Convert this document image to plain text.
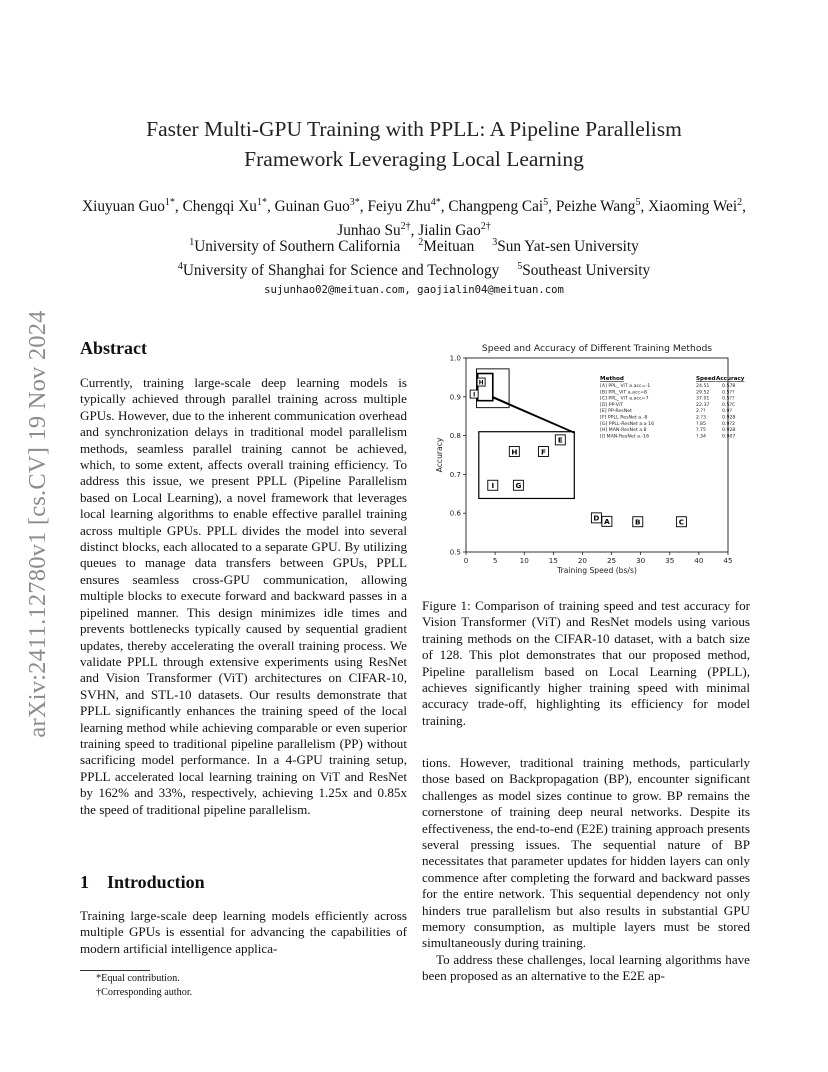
arXiv:2411.12780v1 [cs.CV] 19 Nov 2024
Faster Multi-GPU Training with PPLL: A Pipeline Parallelism
Framework Leveraging Local Learning
Xiuyuan Guo$^{1*}$, Chengqi $Xu^{1*}$, Guinan Guo$^{3*}$, Feiyu Zhu$^{4*}$, Changpeng Cai$^5$, Peizhe Wang$^5$, Xiaoming Wei$^2$,
Junhao $Su^{2\dagger}$, Jialin Gao$^{2\dagger}$
$^1$University of Southern California $^2$Meituan $^3$Sun Yat-sen University
$^4$University of Shanghai for Science and Technology $^5$Southeast University
sujunhao02@meituan.com, gaojialin04@meituan.com
Abstract

Currently, training large-scale deep learning models is typically achieved through parallel training across multiple GPUs. However, due to the inherent communication overhead and synchronization delays in traditional model parallelism methods, seamless parallel training cannot be achieved, which, to some extent, affects overall training efficiency. To address this issue, we present PPLL (Pipeline Parallelism based on Local Learning), a novel framework that leverages local learning algorithms to enable effective parallel training across multiple GPUs. PPLL divides the model into several distinct blocks, each allocated to a separate GPU. By utilizing queues to manage data transfers between GPUs, PPLL ensures seamless cross-GPU communication, allowing multiple blocks to execute forward and backward passes in a pipelined manner. This design minimizes idle times and prevents bottlenecks typically caused by sequential gradient updates, thereby accelerating the overall training process. We validate PPLL through extensive experiments using ResNet and Vision Transformer (ViT) architectures on CIFAR-10, SVHN, and STL-10 datasets. Our results demonstrate that PPLL significantly enhances the training speed of the local learning method while achieving comparable or even superior training speed to traditional pipeline parallelism (PP) without sacrificing model performance. In a 4-GPU training setup, PPLL accelerated local learning training on ViT and ResNet by 162% and 33%, respectively, achieving 1.25x and 0.85x the speed of traditional pipeline parallelism.

1 Introduction

Training large-scale deep learning models efficiently across multiple GPUs is essential for advancing the capabilities of modern artificial intelligence applica-

*Equal contribution.
†Corresponding author.
Speed and Accuracy of Different Training Methods
0	5	10	15	20	25	30	35	40	45
0.5
0.6
0.7
0.8
0.9
1.0
Training Speed (bs/s)
Accuracy
A	B	C
D
E
F
G
H
I
H
I
Method	Speed Accuracy
[A] PPL_ ViT a.acc=-1	24.51	0.578
[B] PPL_ViT a.acc=8	29.52	0.5??
[C] PPL_ ViT a.acc=7	37.01	0.5??
[D] PP-ViT	22.37	0.5?C
[E] PP-ResNet	2.??	0.9?
[F] PPLL ResNet a.-8	2.?3	0.928
[G] PPLL-ResNet a.a 16	?.85	0.9?2
[H] MAN-ResNet a.8	?.75	0.928
[I] MAN-ResNet a.-16	?.34	0.907
Figure 1: Comparison of training speed and test accuracy for Vision Transformer (ViT) and ResNet models using various training methods on the CIFAR-10 dataset, with a batch size of 128. This plot demonstrates that our proposed method, Pipeline parallelism based on Local Learning (PPLL), achieves significantly higher training speed with minimal accuracy trade-off, highlighting its efficiency for model training.

tions. However, traditional training methods, particularly those based on Backpropagation (BP), encounter significant challenges as model sizes continue to grow. BP remains the cornerstone of training deep neural networks. Despite its effectiveness, the end-to-end (E2E) training approach presents several pressing issues. The sequential nature of BP necessitates that parameter updates for hidden layers can only commence after completing the forward and backward passes for the entire network. This sequential dependency not only hinders true parallelism but also results in substantial GPU memory consumption, as multiple layers must be stored simultaneously during training.

To address these challenges, local learning algorithms have been proposed as an alternative to the E2E ap-
